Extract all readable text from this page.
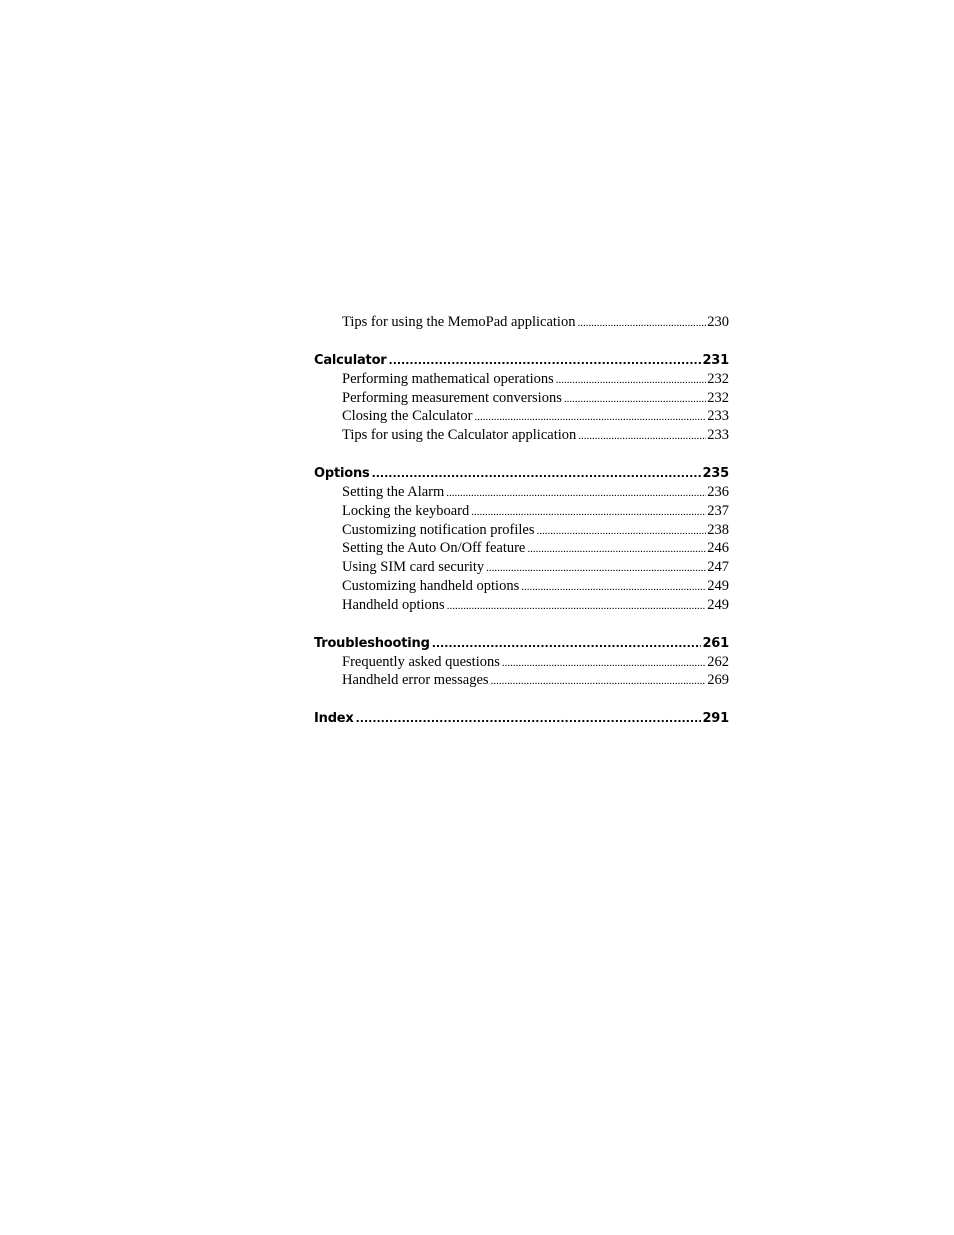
Tips for using the MemoPad application .....	230
Calculator .....	231
Performing mathematical operations .....	232
Performing measurement conversions .....	232
Closing the Calculator .....	233
Tips for using the Calculator application .....	233
Options .....	235
Setting the Alarm .....	236
Locking the keyboard .....	237
Customizing notification profiles .....	238
Setting the Auto On/Off feature .....	246
Using SIM card security .....	247
Customizing handheld options .....	249
Handheld options .....	249
Troubleshooting .....	261
Frequently asked questions .....	262
Handheld error messages .....	269
Index .....	291
